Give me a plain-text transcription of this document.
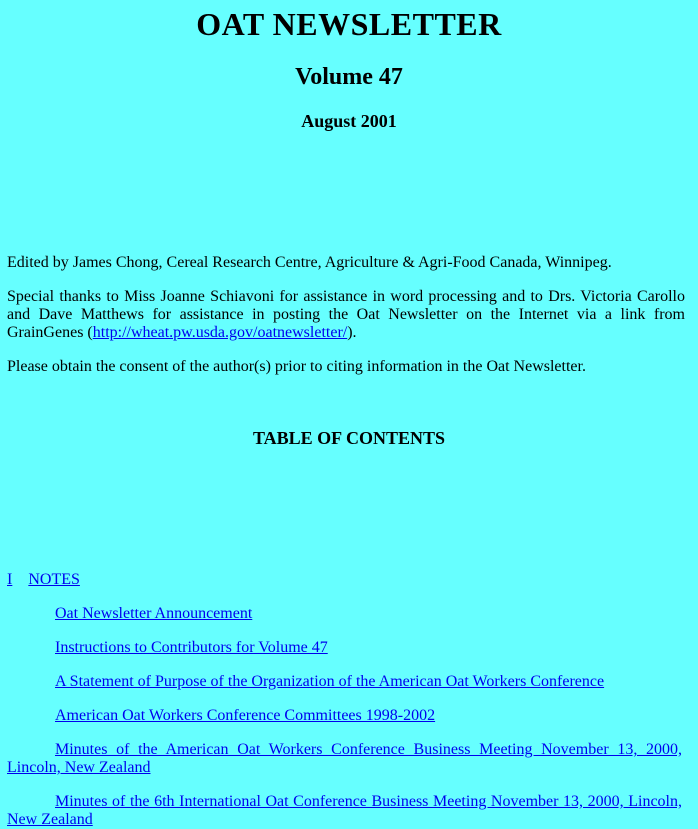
OAT NEWSLETTER
Volume 47
August 2001

Edited by James Chong, Cereal Research Centre, Agriculture & Agri-Food Canada, Winnipeg.

Special thanks to Miss Joanne Schiavoni for assistance in word processing and to Drs. Victoria Carollo and Dave Matthews for assistance in posting the Oat Newsletter on the Internet via a link from GrainGenes (http://wheat.pw.usda.gov/oatnewsletter/).

Please obtain the consent of the author(s) prior to citing information in the Oat Newsletter.

TABLE OF CONTENTS

I NOTES

Oat Newsletter Announcement

Instructions to Contributors for Volume 47

A Statement of Purpose of the Organization of the American Oat Workers Conference

American Oat Workers Conference Committees 1998-2002

Minutes of the American Oat Workers Conference Business Meeting November 13, 2000, Lincoln, New Zealand

Minutes of the 6th International Oat Conference Business Meeting November 13, 2000, Lincoln, New Zealand
